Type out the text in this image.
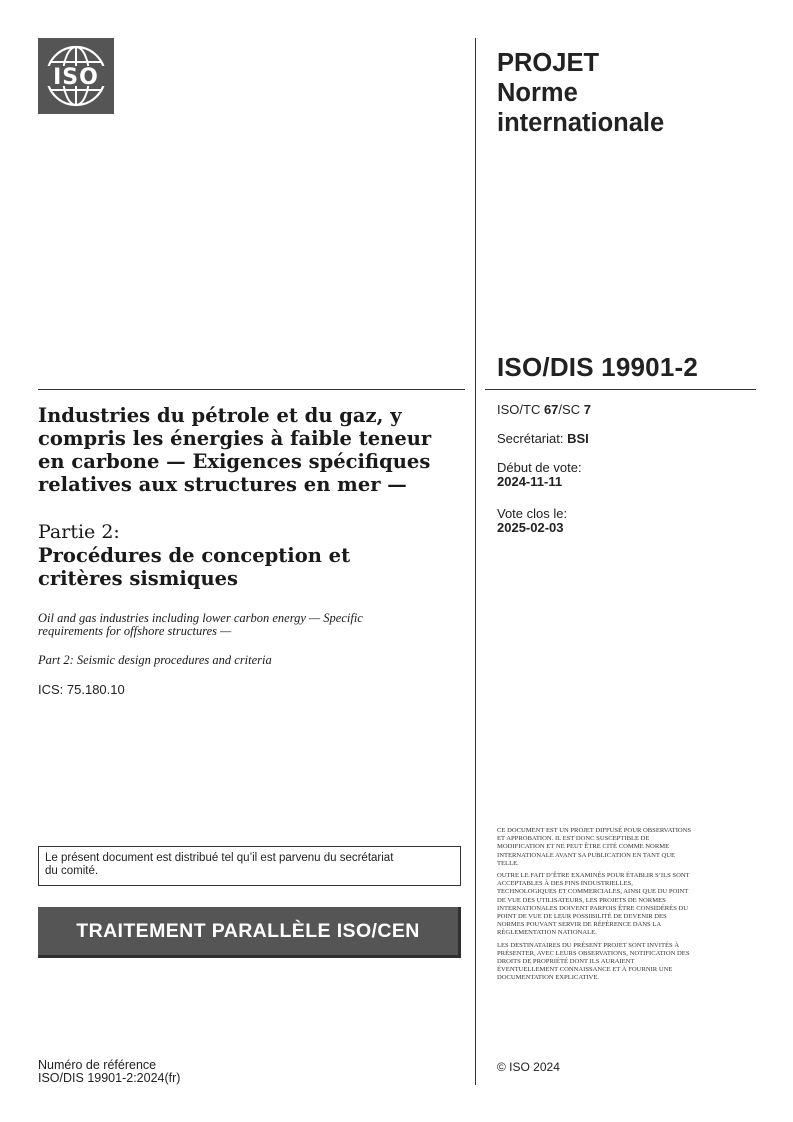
ISO
PROJET
Norme
internationale
ISO/DIS 19901-2
ISO/TC 67/SC 7
Secrétariat: BSI
Début de vote:
2024-11-11
Vote clos le:
2025-02-03
Industries du pétrole et du gaz, y
compris les énergies à faible teneur
en carbone — Exigences spécifiques
relatives aux structures en mer —
Partie 2:
Procédures de conception et
critères sismiques
Oil and gas industries including lower carbon energy — Specific
requirements for offshore structures —
Part 2: Seismic design procedures and criteria
ICS: 75.180.10
Le présent document est distribué tel qu’il est parvenu du secrétariat
du comité.
TRAITEMENT PARALLÈLE ISO/CEN
Numéro de référence
ISO/DIS 19901-2:2024(fr)

CE DOCUMENT EST UN PROJET DIFFUSÉ POUR OBSERVATIONS ET APPROBATION. IL EST DONC SUSCEPTIBLE DE MODIFICATION ET NE PEUT ÊTRE CITÉ COMME NORME INTERNATIONALE AVANT SA PUBLICATION EN TANT QUE TELLE.

OUTRE LE FAIT D’ÊTRE EXAMINÉS POUR ÉTABLIR S’ILS SONT ACCEPTABLES À DES FINS INDUSTRIELLES, TECHNOLOGIQUES ET COMMERCIALES, AINSI QUE DU POINT DE VUE DES UTILISATEURS, LES PROJETS DE NORMES INTERNATIONALES DOIVENT PARFOIS ÊTRE CONSIDÉRÉS DU POINT DE VUE DE LEUR POSSIBILITÉ DE DEVENIR DES NORMES POUVANT SERVIR DE RÉFÉRENCE DANS LA RÉGLEMENTATION NATIONALE.

LES DESTINATAIRES DU PRÉSENT PROJET SONT INVITÉS À PRÉSENTER, AVEC LEURS OBSERVATIONS, NOTIFICATION DES DROITS DE PROPRIÉTÉ DONT ILS AURAIENT ÉVENTUELLEMENT CONNAISSANCE ET À FOURNIR UNE DOCUMENTATION EXPLICATIVE.

© ISO 2024
